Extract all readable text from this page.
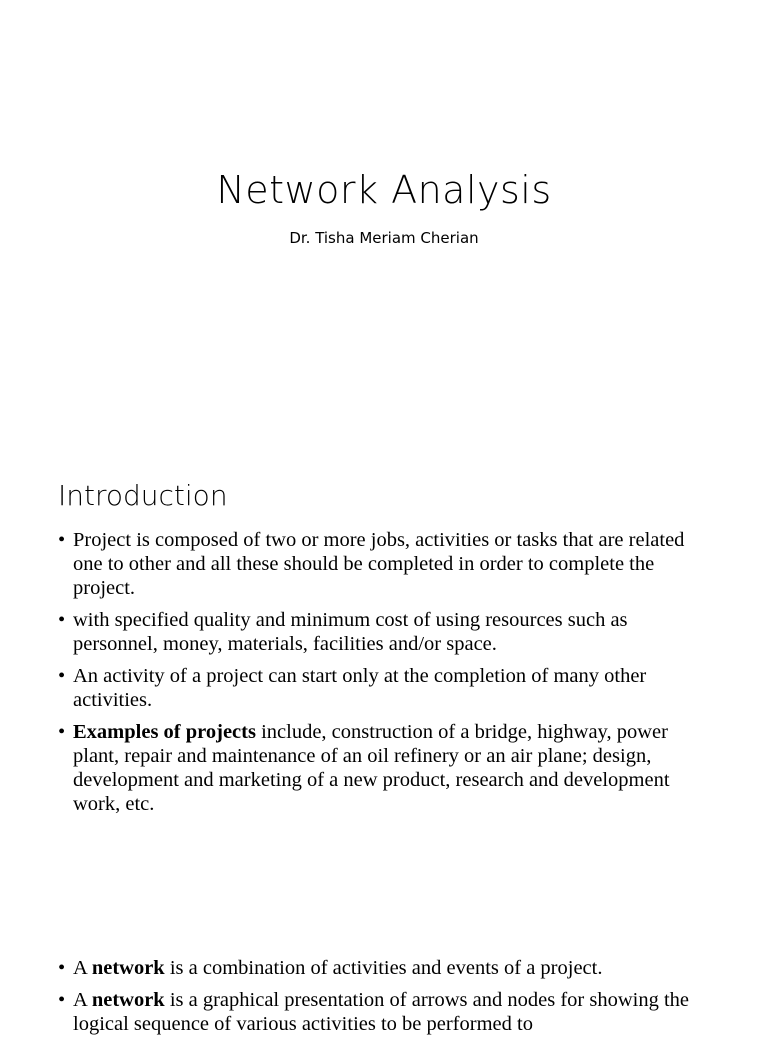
Network Analysis

Dr. Tisha Meriam Cherian

Introduction
• Project is composed of two or more jobs, activities or tasks that are related one to other and all these should be completed in order to complete the project.
• with specified quality and minimum cost of using resources such as personnel, money, materials, facilities and/or space.
• An activity of a project can start only at the completion of many other activities.
• Examples of projects include, construction of a bridge, highway, power plant, repair and maintenance of an oil refinery or an air plane; design, development and marketing of a new product, research and development work, etc.
• A network is a combination of activities and events of a project.
• A network is a graphical presentation of arrows and nodes for showing the logical sequence of various activities to be performed to
